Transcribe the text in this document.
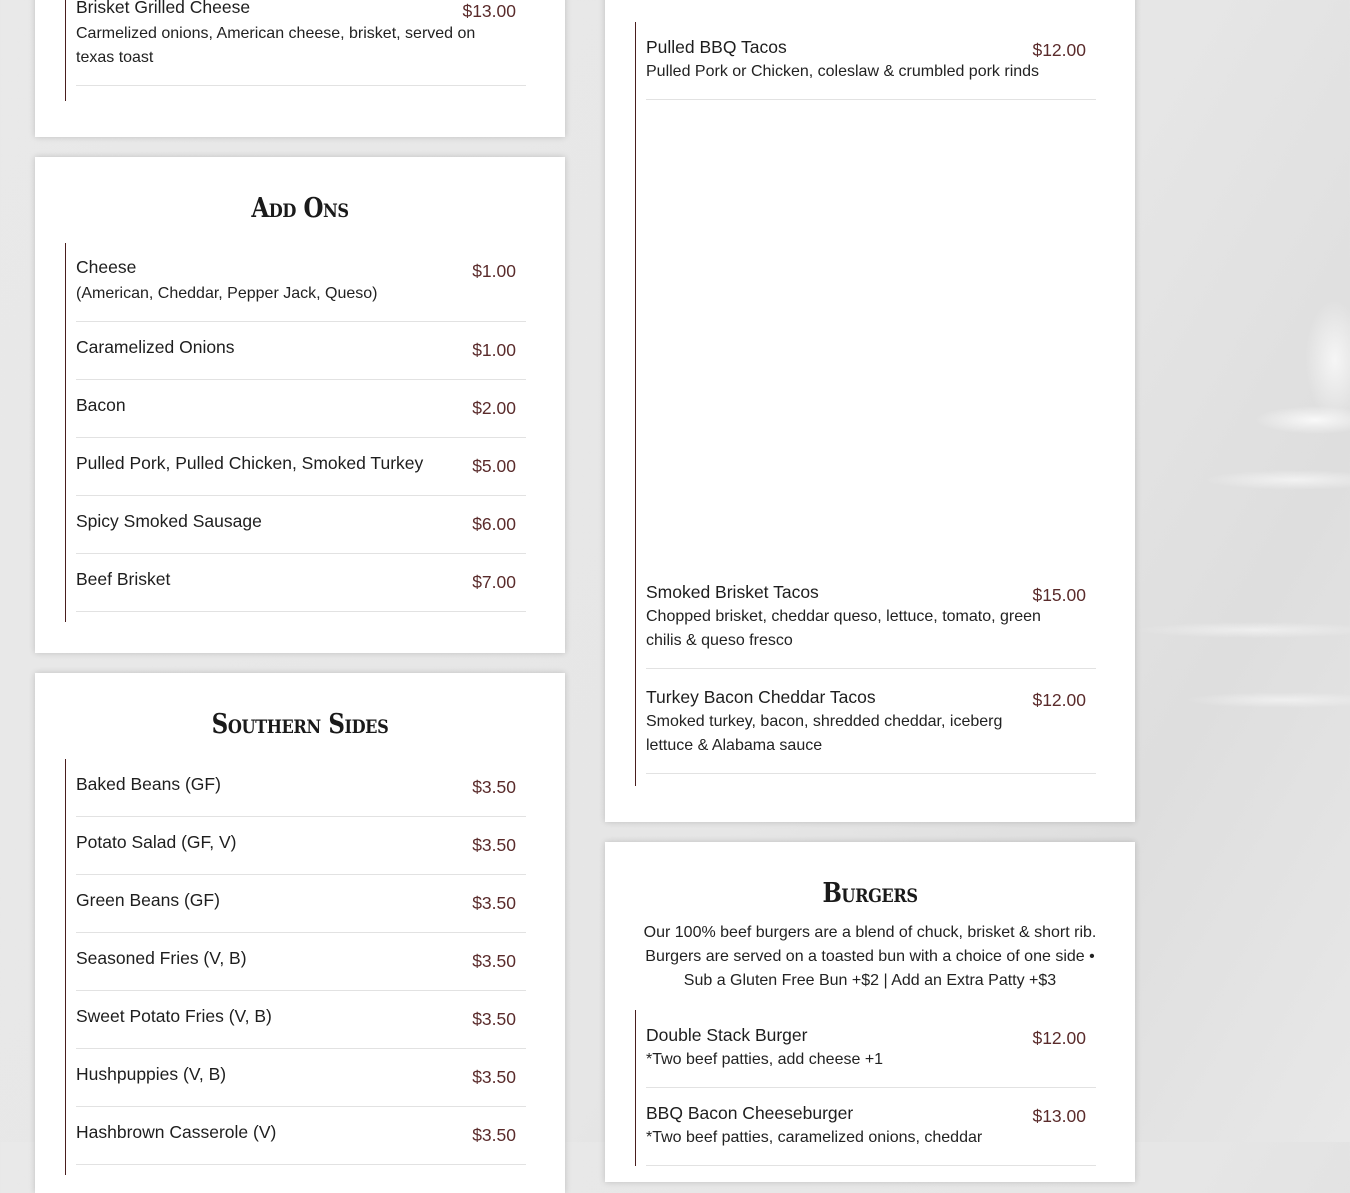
Brisket Grilled Cheese
Carmelized onions, American cheese, brisket, served on texas toast
$13.00
Add Ons
Cheese
(American, Cheddar, Pepper Jack, Queso)
$1.00
Caramelized Onions	$1.00
Bacon	$2.00
Pulled Pork, Pulled Chicken, Smoked Turkey	$5.00
Spicy Smoked Sausage	$6.00
Beef Brisket	$7.00
Southern Sides
Baked Beans (GF)	$3.50
Potato Salad (GF, V)	$3.50
Green Beans (GF)	$3.50
Seasoned Fries (V, B)	$3.50
Sweet Potato Fries (V, B)	$3.50
Hushpuppies (V, B)	$3.50
Hashbrown Casserole (V)	$3.50
Pulled BBQ Tacos
Pulled Pork or Chicken, coleslaw & crumbled pork rinds
$12.00
Smoked Brisket Tacos
Chopped brisket, cheddar queso, lettuce, tomato, green chilis & queso fresco
$15.00
Turkey Bacon Cheddar Tacos
Smoked turkey, bacon, shredded cheddar, iceberg lettuce & Alabama sauce
$12.00
Burgers
Our 100% beef burgers are a blend of chuck, brisket & short rib. Burgers are served on a toasted bun with a choice of one side • Sub a Gluten Free Bun +$2 | Add an Extra Patty +$3
Double Stack Burger
*Two beef patties, add cheese +1
$12.00
BBQ Bacon Cheeseburger
*Two beef patties, caramelized onions, cheddar
$13.00
